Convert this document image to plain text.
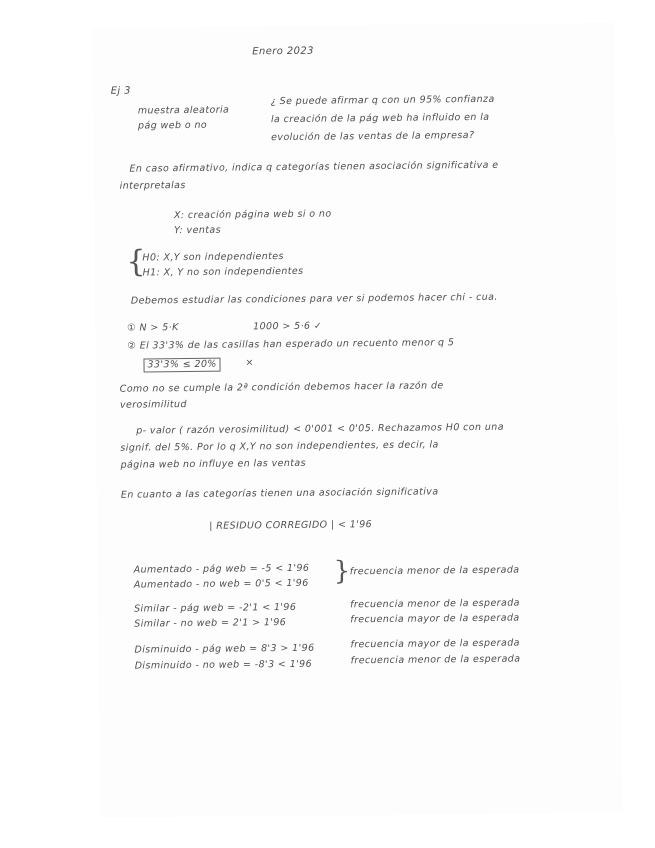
Enero 2023
Ej 3
muestra aleatoria
pág web o no
¿ Se puede afirmar q con un 95% confianza
la creación de la pág web ha influido en la
evolución de las ventas de la empresa?
En caso afirmativo, indica q categorías tienen asociación significativa e
interpretalas
X: creación página web si o no
Y: ventas
{
H0: X,Y son independientes
H1: X, Y no son independientes
Debemos estudiar las condiciones para ver si podemos hacer chi - cua.
① N > 5·K	1000 > 5·6 ✓
② El 33'3% de las casillas han esperado un recuento menor q 5
33'3% ≤ 20%	×
Como no se cumple la 2ª condición debemos hacer la razón de
verosimilitud
p- valor ( razón verosimilitud) < 0'001 < 0'05. Rechazamos H0 con una
signif. del 5%. Por lo q X,Y no son independientes, es decir, la
página web no influye en las ventas
En cuanto a las categorías tienen una asociación significativa
| RESIDUO CORREGIDO | < 1'96
Aumentado - pág web = -5 < 1'96
Aumentado - no web = 0'5 < 1'96 } frecuencia menor de la esperada
Similar - pág web = -2'1 < 1'96	frecuencia menor de la esperada
Similar - no web = 2'1 > 1'96	frecuencia mayor de la esperada
Disminuido - pág web = 8'3 > 1'96	frecuencia mayor de la esperada
Disminuido - no web = -8'3 < 1'96	frecuencia menor de la esperada
